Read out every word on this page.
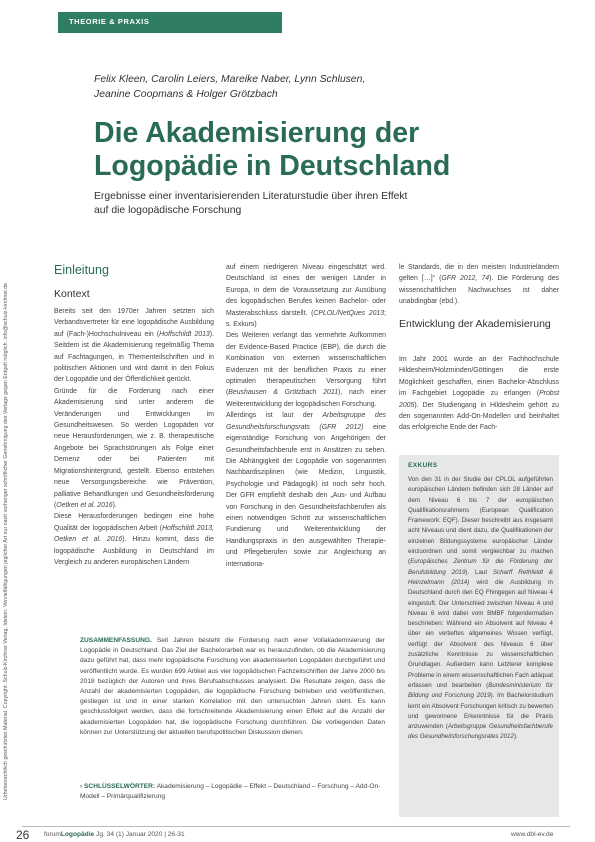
Urheberrechtlich geschütztes Material. Copyright: Schulz-Kirchner Verlag, Idstein. Vervielfältigungen jeglicher Art nur nach vorheriger schriftlicher Genehmigung des Verlags gegen Entgelt möglich. info@schulz-kirchner.de
THEORIE & PRAXIS
Felix Kleen, Carolin Leiers, Mareike Naber, Lynn Schlusen,
Jeanine Coopmans & Holger Grötzbach
Die Akademisierung der
Logopädie in Deutschland
Ergebnisse einer inventarisierenden Literaturstudie über ihren Effekt
auf die logopädische Forschung
Einleitung
Kontext

Bereits seit den 1970er Jahren setzten sich Verbandsvertreter für eine logopädische Ausbildung auf (Fach-)Hochschulniveau ein (Hoffschildt 2013). Seitdem ist die Akademisierung regelmäßig Thema auf Fachtagungen, in Thementeilschriften und in politischen Aktionen und wird damit in den Fokus der Logopädie und der Öffentlichkeit gerückt.

Gründe für die Forderung nach einer Akademisierung sind unter anderem die Veränderungen und Entwicklungen im Gesundheitswesen. So werden Logopäden vor neue Herausforderungen, wie z. B. therapeutische Angebote bei Sprachstörungen als Folge einer Demenz oder bei Patienten mit Migrationshintergrund, gestellt. Ebenso entstehen neue Versorgungsbereiche wie Prävention, palliative Behandlungen und Gesundheitsförderung (Oetken et al. 2016).

Diese Herausforderungen bedingen eine hohe Qualität der logopädischen Arbeit (Hoffschildt 2013, Oetken et al. 2016). Hinzu kommt, dass die logopädische Ausbildung in Deutschland im Vergleich zu anderen europäischen Ländern

auf einem niedrigeren Niveau eingeschätzt wird. Deutschland ist eines der wenigen Länder in Europa, in dem die Voraussetzung zur Ausübung des logopädischen Berufes keinen Bachelor- oder Masterabschluss darstellt. (CPLOL/NetQues 2013; s. Exkurs)

Des Weiteren verlangt das vermehrte Aufkommen der Evidence-Based Practice (EBP), die durch die Kombination von externen wissenschaftlichen Evidenzen mit der beruflichen Praxis zu einer optimalen therapeutischen Versorgung führt (Beushausen & Grötzbach 2011), nach einer Weiterentwicklung der logopädischen Forschung.

Allerdings ist laut der Arbeitsgruppe des Gesundheitsforschungsrats (GFR 2012) eine eigenständige Forschung von Angehörigen der Gesundheitsfachberufe erst in Ansätzen zu sehen. Die Abhängigkeit der Logopädie von sogenannten Nachbardisziplinen (wie Medizin, Linguistik, Psychologie und Pädagogik) ist noch sehr hoch. Der GFR empfiehlt deshalb den „Aus- und Aufbau von Forschung in den Gesundheitsfachberufen als einen notwendigen Schritt zur wissenschaftlichen Fundierung und Weiterentwicklung der Handlungspraxis in den ausgewählten Therapie- und Pflegeberufen sowie zur Angleichung an internationa-

le Standards, die in den meisten Industrieländern gelten […]“ (GFR 2012, 74). Die Förderung des wissenschaftlichen Nachwuchses ist daher unabdingbar (ebd.).

Entwicklung der Akademisierung

Im Jahr 2001 wurde an der Fachhochschule Hildesheim/Holzminden/Göttingen die erste Möglichkeit geschaffen, einen Bachelor-Abschluss im Fachgebiet Logopädie zu erlangen (Probst 2005). Der Studiengang in Hildesheim gehört zu den sogenannten Add-On-Modellen und beinhaltet das erfolgreiche Ende der Fach-

EXKURS
Von den 31 in der Studie der CPLOL aufgeführten europäischen Ländern befinden sich 28 Länder auf dem Niveau 6 bis 7 der europäischen Qualifikationsrahmens (European Qualification Framework: EQF). Dieser beschreibt aus insgesamt acht Niveaus und dient dazu, die Qualifikationen der einzelnen Bildungssysteme europäischer Länder einzuordnen und somit vergleichbar zu machen (Europäisches Zentrum für die Förderung der Berufsbildung 2019). Laut Scharff Rethfeldt & Heinzelmann (2014) wird die Ausbildung in Deutschland durch den EQ Fhingegen auf Niveau 4 eingestuft. Der Unterschied zwischen Niveau 4 und Niveau 6 wird dabei vom BMBF folgendermaßen beschrieben: Während ein Absolvent auf Niveau 4 über ein vertieftes allgemeines Wissen verfügt, verfügt der Absolvent des Niveaus 6 über zusätzliche Kenntnisse zu wissenschaftlichen Grundlagen. Außerdem kann Letzterer komplexe Probleme in einem wissenschaftlichen Fach adäquat erfassen und bearbeiten (Bundesministerium für Bildung und Forschung 2019). Im Bachelorstudium lernt ein Absolvent Forschungen kritisch zu bewerten und gewonnene Erkenntnisse für die Praxis anzuwenden (Arbeitsgruppe Gesundheitsfachberufe des Gesundheitsforschungsrates 2012).
ZUSAMMENFASSUNG. Seit Jahren besteht die Forderung nach einer Vollakademisierung der Logopädie in Deutschland. Das Ziel der Bachelorarbeit war es herauszufinden, ob die Akademisierung dazu geführt hat, dass mehr logopädische Forschung von akademisierten Logopäden durchgeführt und veröffentlicht wurde. Es wurden 699 Artikel aus vier logopädischen Fachzeitschriften der Jahre 2000 bis 2018 bezüglich der Autoren und ihres Berufsabschlusses analysiert. Die Resultate zeigen, dass die Anzahl der akademisierten Logopäden, die logopädische Forschung betrieben und veröffentlichen, gestiegen ist und in einer starken Korrelation mit den untersuchten Jahren steht. Es kann geschlussfolgert werden, dass die fortschreitende Akademisierung einen Effekt auf die Anzahl der akademisierten Logopäden hat, die logopädische Forschung durchführen. Die vorliegenden Daten können zur Unterstützung der aktuellen berufspolitischen Diskussion dienen.
› SCHLÜSSELWÖRTER: Akademisierung – Logopädie – Effekt – Deutschland – Forschung – Add-On-Modell – Primärqualifizierung
26 forumLogopädie Jg. 34 (1) Januar 2020 | 26-31	www.dbl-ev.de
